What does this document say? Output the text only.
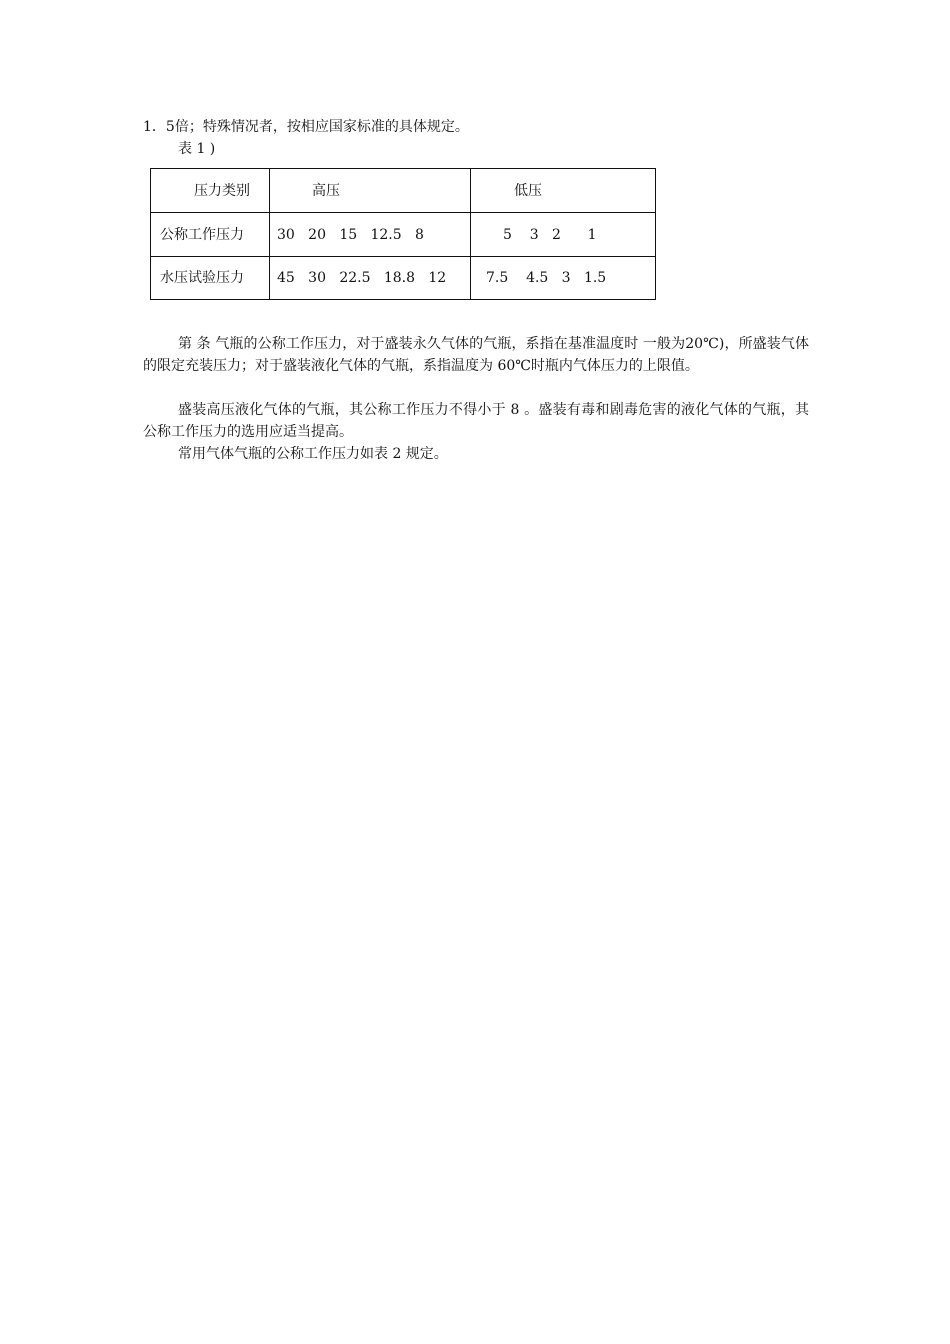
1．5倍；特殊情况者，按相应国家标准的具体规定。
表 1 )
压力类别	高压	低压
公称工作压力 30   20   15   12.5   8	5    3   2      1
水压试验压力 45   30   22.5   18.8   12	7.5    4.5   3   1.5
第 条 气瓶的公称工作压力，对于盛装永久气体的气瓶，系指在基准温度时 一般为20℃)，所盛装气体的限定充装压力；对于盛装液化气体的气瓶，系指温度为 60℃时瓶内气体压力的上限值。
盛装高压液化气体的气瓶，其公称工作压力不得小于 8 。盛装有毒和剧毒危害的液化气体的气瓶，其公称工作压力的选用应适当提高。
常用气体气瓶的公称工作压力如表 2 规定。
